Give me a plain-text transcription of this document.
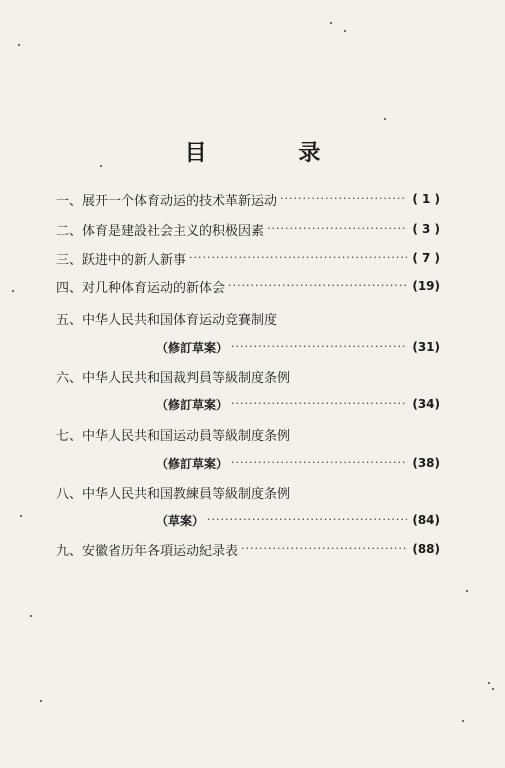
目 录
一、展开一个体育动运的技术革新运动 ·····	( 1 )
二、体育是建設社会主义的积极因素 ·····	( 3 )
三、跃进中的新人新事 ·····	( 7 )
四、对几种体育运动的新体会 ·····	(19)
五、中华人民共和国体育运动竞賽制度
（修訂草案） ·····	(31)
六、中华人民共和国裁判員等級制度条例
（修訂草案） ·····	(34)
七、中华人民共和国运动員等級制度条例
（修訂草案） ·····	(38)
八、中华人民共和国教練員等級制度条例
（草案） ·····	(84)
九、安徽省历年各項运动紀录表 ·····	(88)
